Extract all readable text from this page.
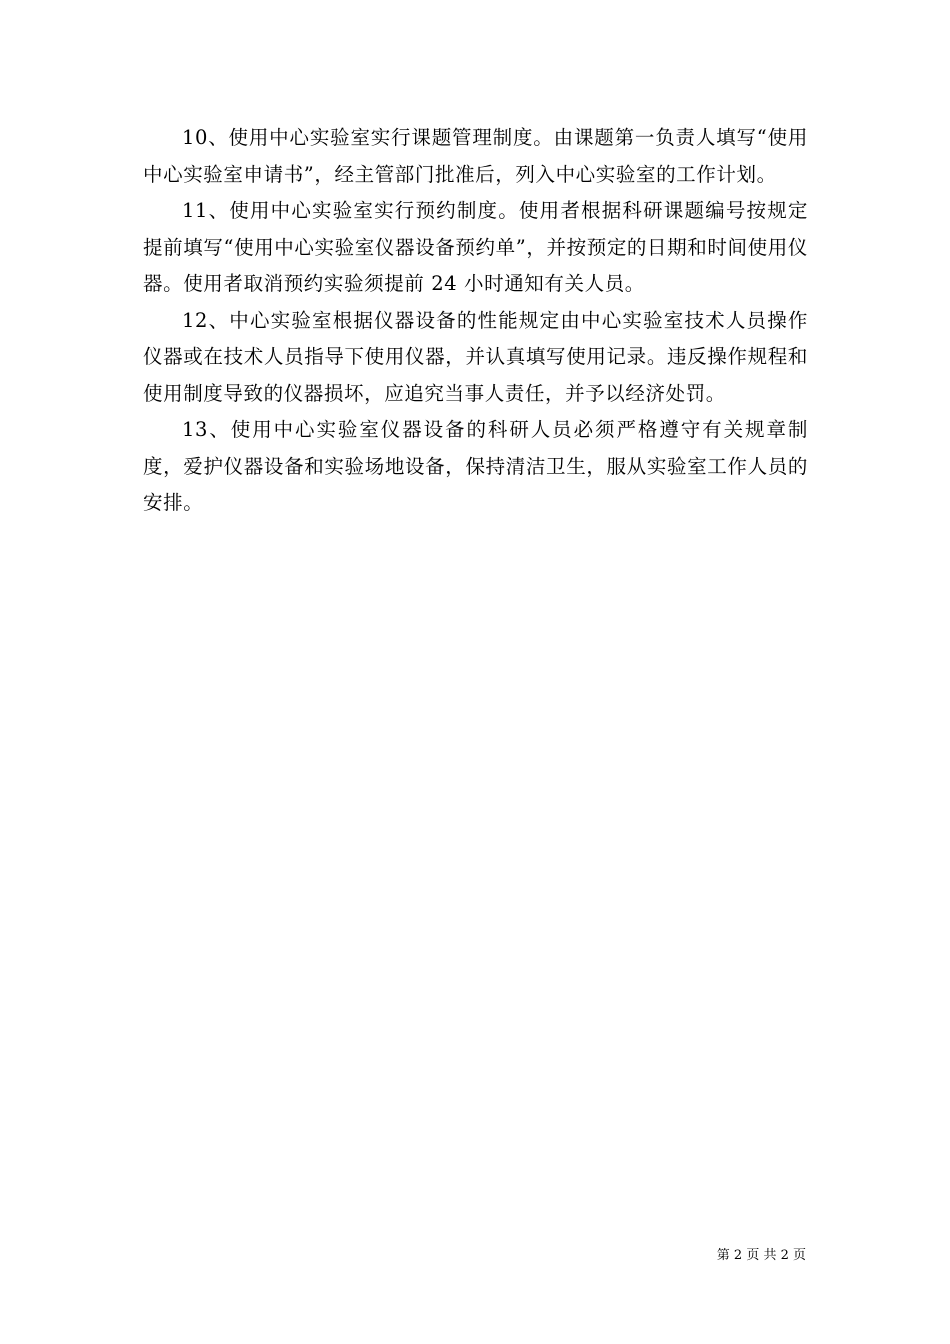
10、使用中心实验室实行课题管理制度。由课题第一负责人填写“使用中心实验室申请书”，经主管部门批准后，列入中心实验室的工作计划。

11、使用中心实验室实行预约制度。使用者根据科研课题编号按规定提前填写“使用中心实验室仪器设备预约单”，并按预定的日期和时间使用仪器。使用者取消预约实验须提前 24 小时通知有关人员。

12、中心实验室根据仪器设备的性能规定由中心实验室技术人员操作仪器或在技术人员指导下使用仪器，并认真填写使用记录。违反操作规程和使用制度导致的仪器损坏，应追究当事人责任，并予以经济处罚。

13、使用中心实验室仪器设备的科研人员必须严格遵守有关规章制度，爱护仪器设备和实验场地设备，保持清洁卫生，服从实验室工作人员的安排。

第 2 页 共 2 页
